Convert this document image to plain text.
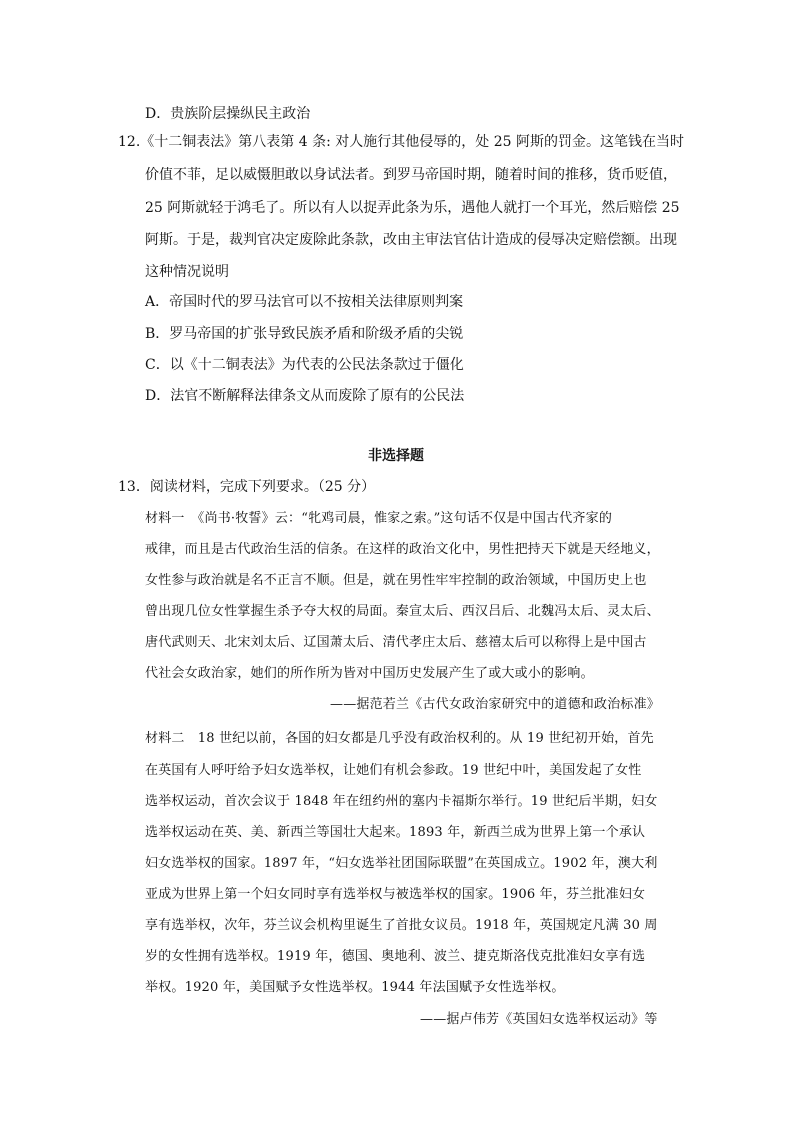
D．贵族阶层操纵民主政治
12.《十二铜表法》第八表第 4 条: 对人施行其他侵辱的，处 25 阿斯的罚金。这笔钱在当时
价值不菲，足以威慑胆敢以身试法者。到罗马帝国时期，随着时间的推移，货币贬值，
25 阿斯就轻于鸿毛了。所以有人以捉弄此条为乐，遇他人就打一个耳光，然后赔偿 25
阿斯。于是，裁判官决定废除此条款，改由主审法官估计造成的侵辱决定赔偿额。出现
这种情况说明
A．帝国时代的罗马法官可以不按相关法律原则判案
B．罗马帝国的扩张导致民族矛盾和阶级矛盾的尖锐
C．以《十二铜表法》为代表的公民法条款过于僵化
D．法官不断解释法律条文从而废除了原有的公民法
非选择题
13．阅读材料，完成下列要求。（25 分）
材料一　《尚书·牧誓》云：“牝鸡司晨，惟家之索。”这句话不仅是中国古代齐家的
戒律，而且是古代政治生活的信条。在这样的政治文化中，男性把持天下就是天经地义，
女性参与政治就是名不正言不顺。但是，就在男性牢牢控制的政治领域，中国历史上也
曾出现几位女性掌握生杀予夺大权的局面。秦宣太后、西汉吕后、北魏冯太后、灵太后、
唐代武则天、北宋刘太后、辽国萧太后、清代孝庄太后、慈禧太后可以称得上是中国古
代社会女政治家，她们的所作所为皆对中国历史发展产生了或大或小的影响。
——据范若兰《古代女政治家研究中的道德和政治标准》
材料二　18 世纪以前，各国的妇女都是几乎没有政治权利的。从 19 世纪初开始，首先
在英国有人呼吁给予妇女选举权，让她们有机会参政。19 世纪中叶，美国发起了女性
选举权运动，首次会议于 1848 年在纽约州的塞内卡福斯尔举行。19 世纪后半期，妇女
选举权运动在英、美、新西兰等国壮大起来。1893 年，新西兰成为世界上第一个承认
妇女选举权的国家。1897 年，“妇女选举社团国际联盟”在英国成立。1902 年，澳大利
亚成为世界上第一个妇女同时享有选举权与被选举权的国家。1906 年，芬兰批准妇女
享有选举权，次年，芬兰议会机构里诞生了首批女议员。1918 年，英国规定凡满 30 周
岁的女性拥有选举权。1919 年，德国、奥地利、波兰、捷克斯洛伐克批准妇女享有选
举权。1920 年，美国赋予女性选举权。1944 年法国赋予女性选举权。
——据卢伟芳《英国妇女选举权运动》等
